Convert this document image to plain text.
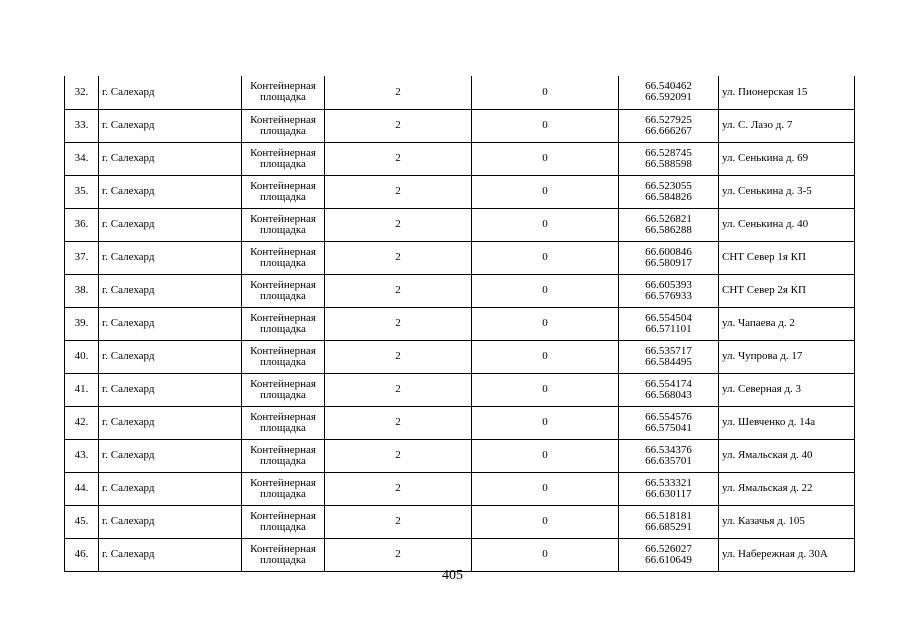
32.	г. Салехард	Контейнерная
площадка	2	0	66.540462
66.592091	ул. Пионерская 15

33.	г. Салехард	Контейнерная
площадка	2	0	66.527925
66.666267	ул. С. Лазо д. 7

34.	г. Салехард	Контейнерная
площадка	2	0	66.528745
66.588598	ул. Сенькина д. 69

35.	г. Салехард	Контейнерная
площадка	2	0	66.523055
66.584826	ул. Сенькина д. 3-5

36.	г. Салехард	Контейнерная
площадка	2	0	66.526821
66.586288	ул. Сенькина д. 40

37.	г. Салехард	Контейнерная
площадка	2	0	66.600846
66.580917	СНТ Север 1я КП

38.	г. Салехард	Контейнерная
площадка	2	0	66.605393
66.576933	СНТ Север 2я КП

39.	г. Салехард	Контейнерная
площадка	2	0	66.554504
66.571101	ул. Чапаева д. 2

40.	г. Салехард	Контейнерная
площадка	2	0	66.535717
66.584495	ул. Чупрова д. 17

41.	г. Салехард	Контейнерная
площадка	2	0	66.554174
66.568043	ул. Северная д. 3

42.	г. Салехард	Контейнерная
площадка	2	0	66.554576
66.575041	ул. Шевченко д. 14а

43.	г. Салехард	Контейнерная
площадка	2	0	66.534376
66.635701	ул. Ямальская д. 40

44.	г. Салехард	Контейнерная
площадка	2	0	66.533321
66.630117	ул. Ямальская д. 22

45.	г. Салехард	Контейнерная
площадка	2	0	66.518181
66.685291	ул. Казачья д. 105

46.	г. Салехард	Контейнерная
площадка	2	0	66.526027
66.610649	ул. Набережная д. 30А
405
